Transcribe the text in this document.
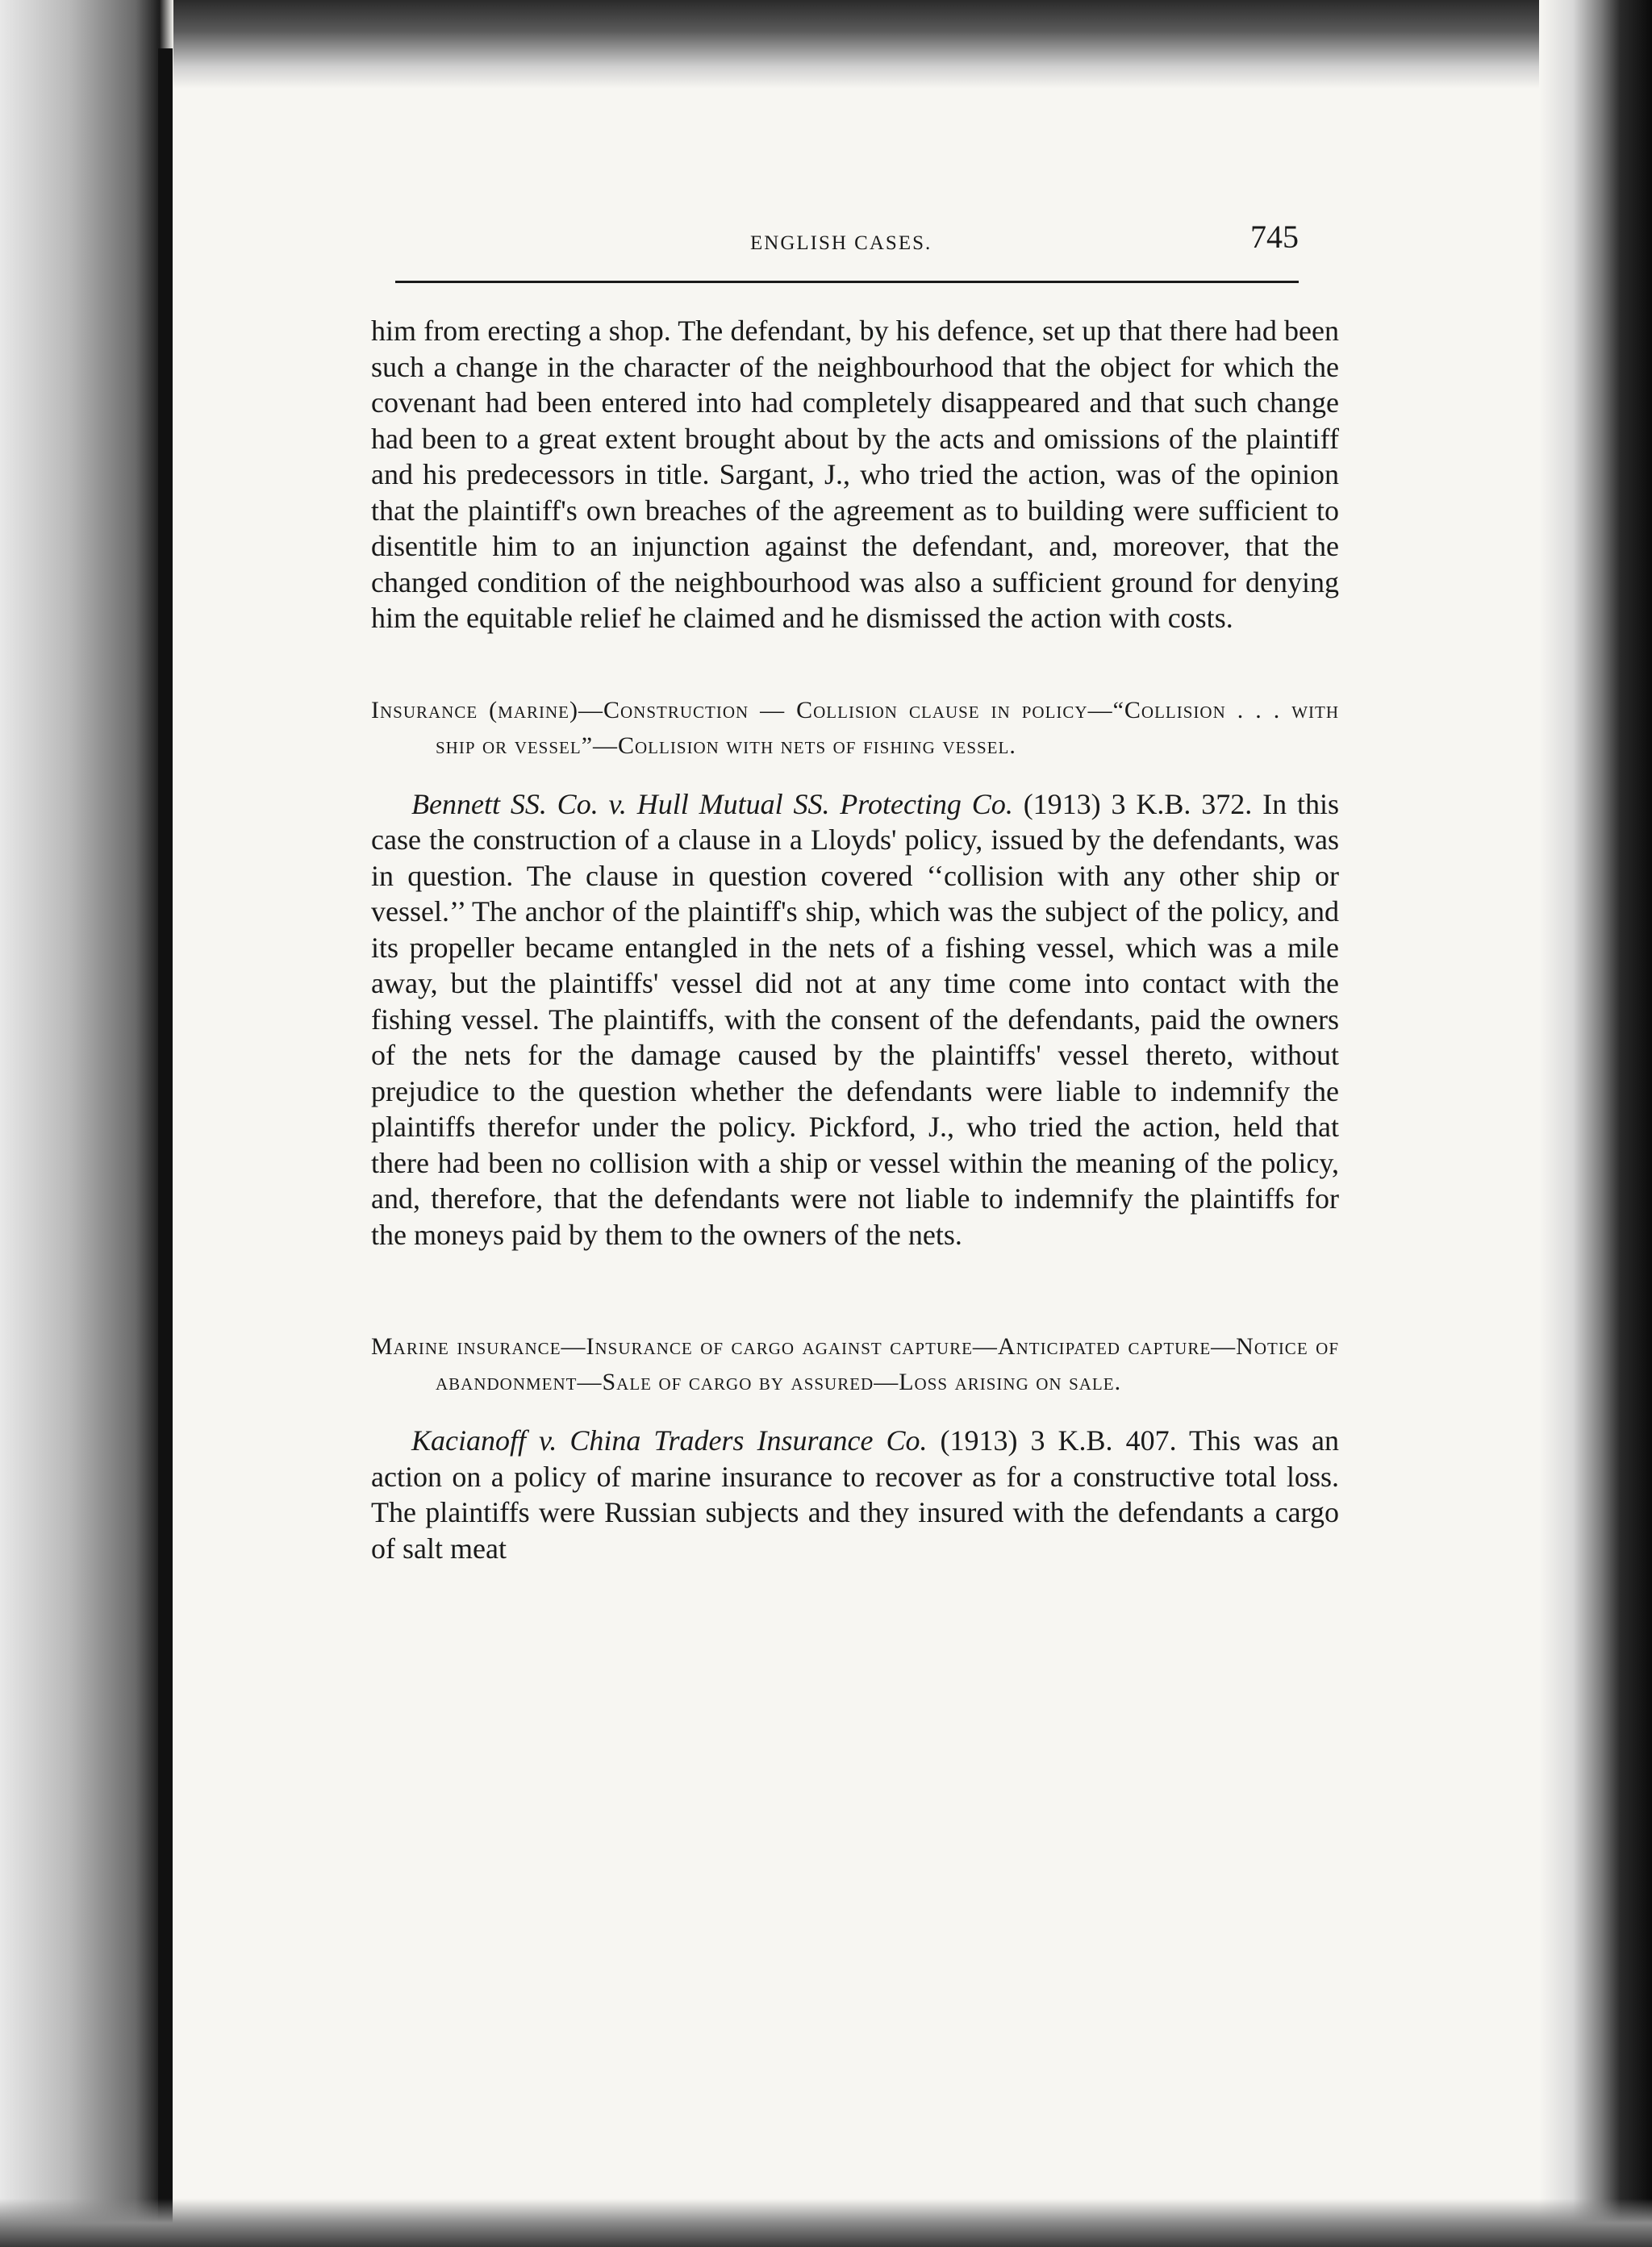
ENGLISH CASES.	745

him from erecting a shop. The defendant, by his defence, set up that there had been such a change in the character of the neighbourhood that the object for which the covenant had been entered into had completely disappeared and that such change had been to a great extent brought about by the acts and omissions of the plaintiff and his predecessors in title. Sargant, J., who tried the action, was of the opinion that the plaintiff's own breaches of the agreement as to building were sufficient to disentitle him to an injunction against the defendant, and, moreover, that the changed condition of the neighbourhood was also a sufficient ground for denying him the equitable relief he claimed and he dismissed the action with costs.

Insurance (marine)—Construction — Collision clause in policy—“Collision . . . with ship or vessel”—Collision with nets of fishing vessel.

Bennett SS. Co. v. Hull Mutual SS. Protecting Co. (1913) 3 K.B. 372. In this case the construction of a clause in a Lloyds' policy, issued by the defendants, was in question. The clause in question covered ‘‘collision with any other ship or vessel.’’ The anchor of the plaintiff's ship, which was the subject of the policy, and its propeller became entangled in the nets of a fishing vessel, which was a mile away, but the plaintiffs' vessel did not at any time come into contact with the fishing vessel. The plaintiffs, with the consent of the defendants, paid the owners of the nets for the damage caused by the plaintiffs' vessel thereto, without prejudice to the question whether the defendants were liable to indemnify the plaintiffs therefor under the policy. Pickford, J., who tried the action, held that there had been no collision with a ship or vessel within the meaning of the policy, and, therefore, that the defendants were not liable to indemnify the plaintiffs for the moneys paid by them to the owners of the nets.

Marine insurance—Insurance of cargo against capture—Anticipated capture—Notice of abandonment—Sale of cargo by assured—Loss arising on sale.

Kacianoff v. China Traders Insurance Co. (1913) 3 K.B. 407. This was an action on a policy of marine insurance to recover as for a constructive total loss. The plaintiffs were Russian subjects and they insured with the defendants a cargo of salt meat
